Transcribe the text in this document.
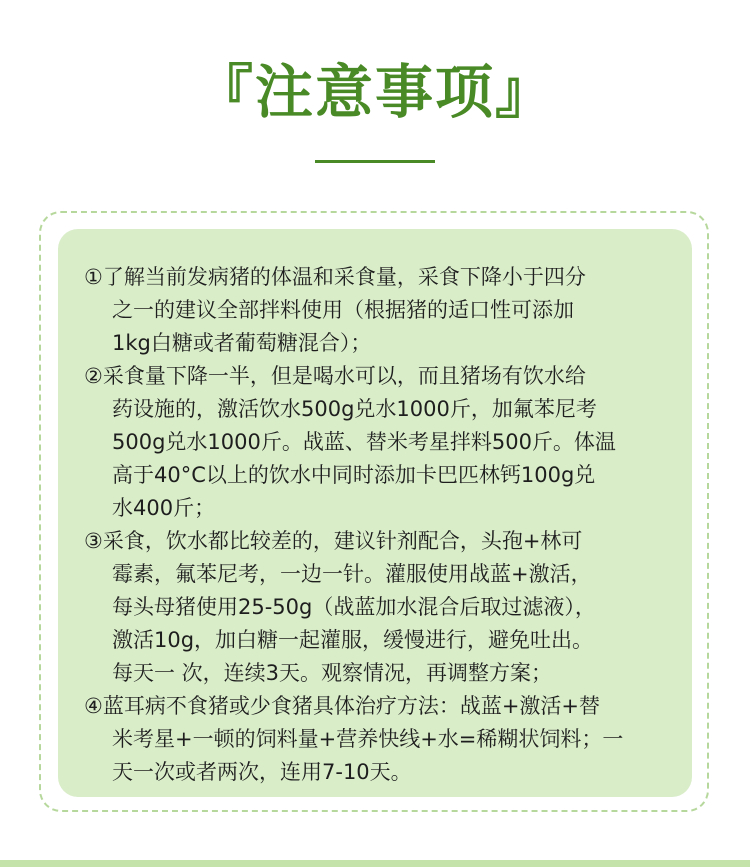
『注意事项』
①了解当前发病猪的体温和采食量，采食下降小于四分
之一的建议全部拌料使用（根据猪的适口性可添加
1kg白糖或者葡萄糖混合）；
②采食量下降一半，但是喝水可以，而且猪场有饮水给
药设施的，激活饮水500g兑水1000斤，加氟苯尼考
500g兑水1000斤。战蓝、替米考星拌料500斤。体温
高于40°C以上的饮水中同时添加卡巴匹林钙100g兑
水400斤；
③采食，饮水都比较差的，建议针剂配合，头孢+林可
霉素，氟苯尼考，一边一针。灌服使用战蓝+激活，
每头母猪使用25-50g（战蓝加水混合后取过滤液），
激活10g，加白糖一起灌服，缓慢进行，避免吐出。
每天一 次，连续3天。观察情况，再调整方案；
④蓝耳病不食猪或少食猪具体治疗方法：战蓝+激活+替
米考星+一顿的饲料量+营养快线+水=稀糊状饲料；一
天一次或者两次，连用7-10天。
